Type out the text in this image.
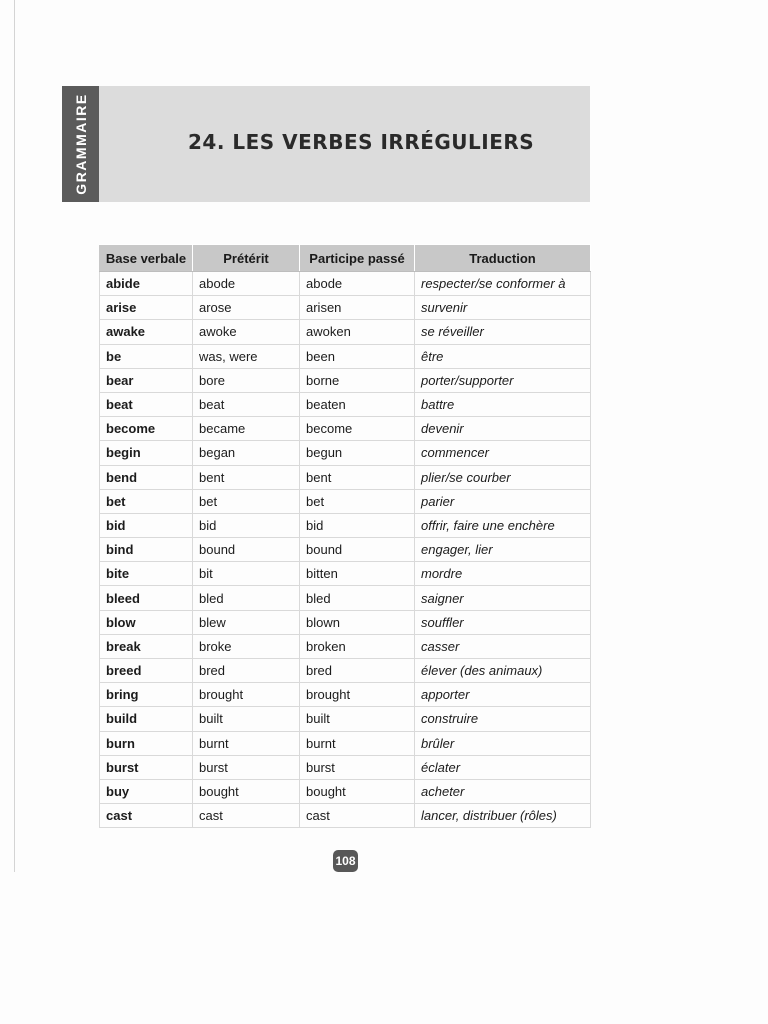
GRAMMAIRE	24. LES VERBES IRRÉGULIERS
Base verbale	Prétérit	Participe passé	Traduction
abide	abode	abode	respecter/se conformer à
arise	arose	arisen	survenir
awake	awoke	awoken	se réveiller
be	was, were	been	être
bear	bore	borne	porter/supporter
beat	beat	beaten	battre
become	became	become	devenir
begin	began	begun	commencer
bend	bent	bent	plier/se courber
bet	bet	bet	parier
bid	bid	bid	offrir, faire une enchère
bind	bound	bound	engager, lier
bite	bit	bitten	mordre
bleed	bled	bled	saigner
blow	blew	blown	souffler
break	broke	broken	casser
breed	bred	bred	élever (des animaux)
bring	brought	brought	apporter
build	built	built	construire
burn	burnt	burnt	brûler
burst	burst	burst	éclater
buy	bought	bought	acheter
cast	cast	cast	lancer, distribuer (rôles)
108
